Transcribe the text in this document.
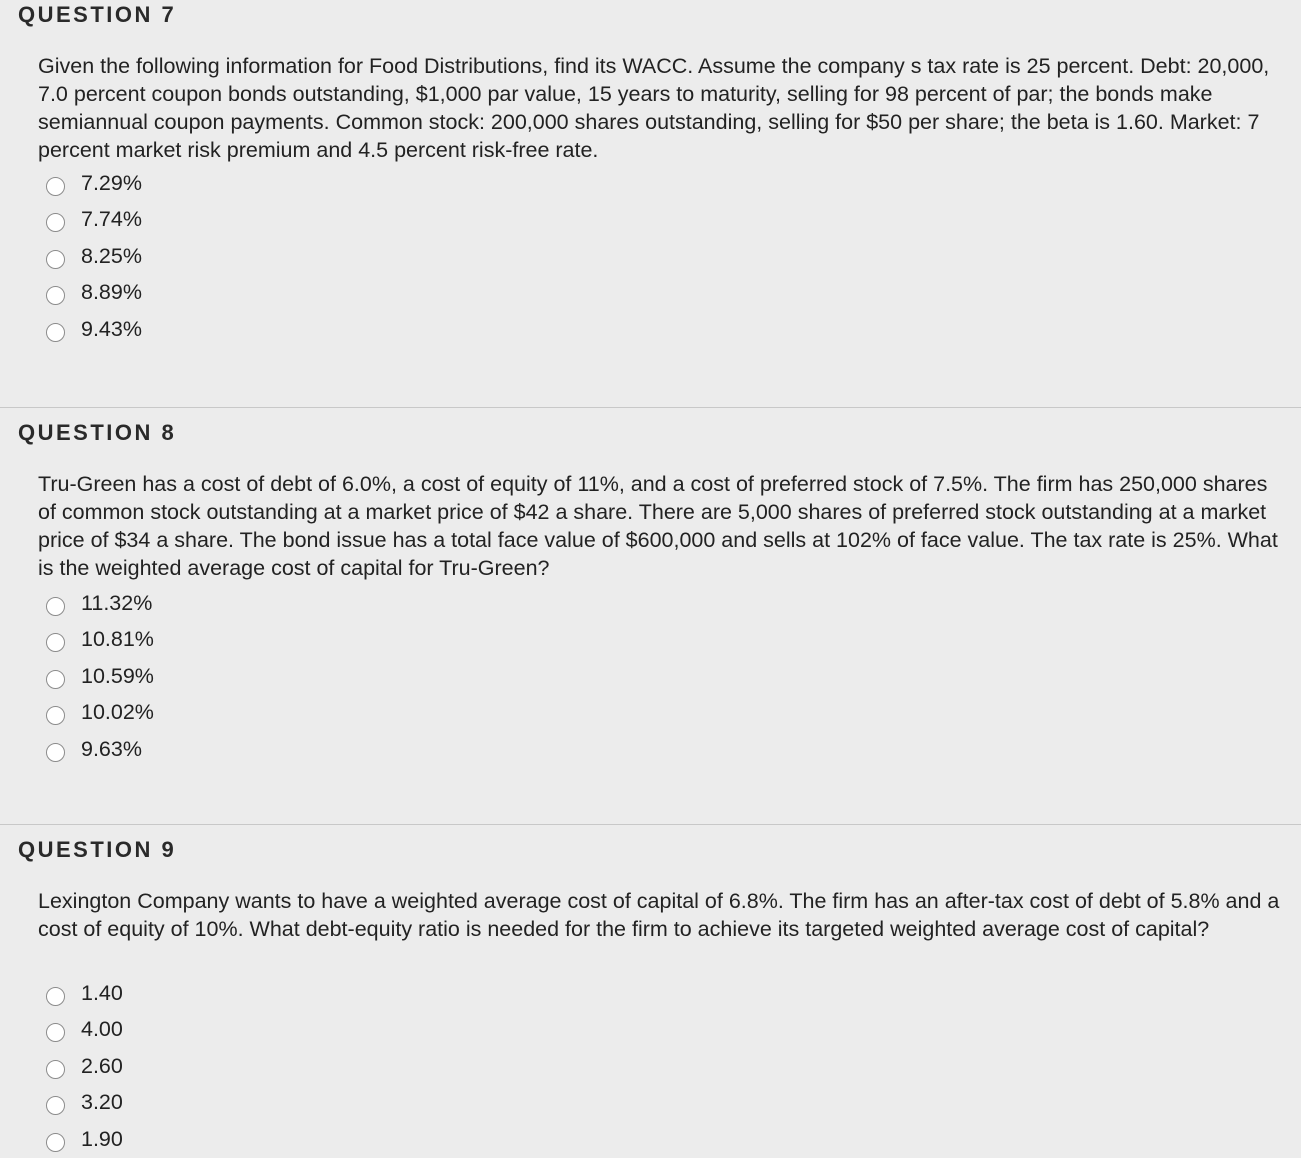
QUESTION 7

Given the following information for Food Distributions, find its WACC. Assume the company s tax rate is 25 percent. Debt: 20,000, 7.0 percent coupon bonds outstanding, $1,000 par value, 15 years to maturity, selling for 98 percent of par; the bonds make semiannual coupon payments. Common stock: 200,000 shares outstanding, selling for $50 per share; the beta is 1.60. Market: 7 percent market risk premium and 4.5 percent risk-free rate.

7.29%
7.74%
8.25%
8.89%
9.43%
QUESTION 8

Tru-Green has a cost of debt of 6.0%, a cost of equity of 11%, and a cost of preferred stock of 7.5%. The firm has 250,000 shares of common stock outstanding at a market price of $42 a share. There are 5,000 shares of preferred stock outstanding at a market price of $34 a share. The bond issue has a total face value of $600,000 and sells at 102% of face value. The tax rate is 25%. What is the weighted average cost of capital for Tru-Green?

11.32%
10.81%
10.59%
10.02%
9.63%
QUESTION 9

Lexington Company wants to have a weighted average cost of capital of 6.8%. The firm has an after-tax cost of debt of 5.8% and a cost of equity of 10%. What debt-equity ratio is needed for the firm to achieve its targeted weighted average cost of capital?

1.40
4.00
2.60
3.20
1.90
